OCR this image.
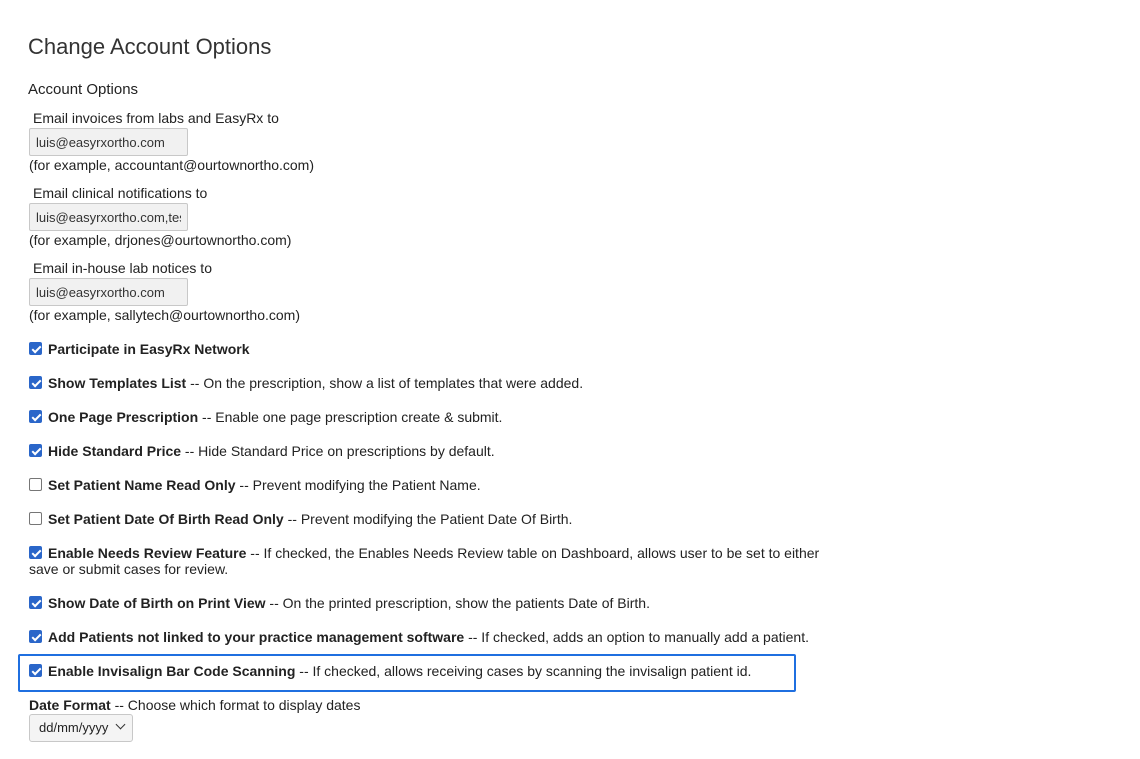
Change Account Options
Account Options
Email invoices from labs and EasyRx to
luis@easyrxortho.com
(for example, accountant@ourtownortho.com)
Email clinical notifications to
luis@easyrxortho.com,test
(for example, drjones@ourtownortho.com)
Email in-house lab notices to
luis@easyrxortho.com
(for example, sallytech@ourtownortho.com)
Participate in EasyRx Network
Show Templates List -- On the prescription, show a list of templates that were added.
One Page Prescription -- Enable one page prescription create & submit.
Hide Standard Price -- Hide Standard Price on prescriptions by default.
Set Patient Name Read Only -- Prevent modifying the Patient Name.
Set Patient Date Of Birth Read Only -- Prevent modifying the Patient Date Of Birth.
Enable Needs Review Feature -- If checked, the Enables Needs Review table on Dashboard, allows user to be set to either save or submit cases for review.
Show Date of Birth on Print View -- On the printed prescription, show the patients Date of Birth.
Add Patients not linked to your practice management software -- If checked, adds an option to manually add a patient.
Enable Invisalign Bar Code Scanning -- If checked, allows receiving cases by scanning the invisalign patient id.
Date Format -- Choose which format to display dates
dd/mm/yyyy
